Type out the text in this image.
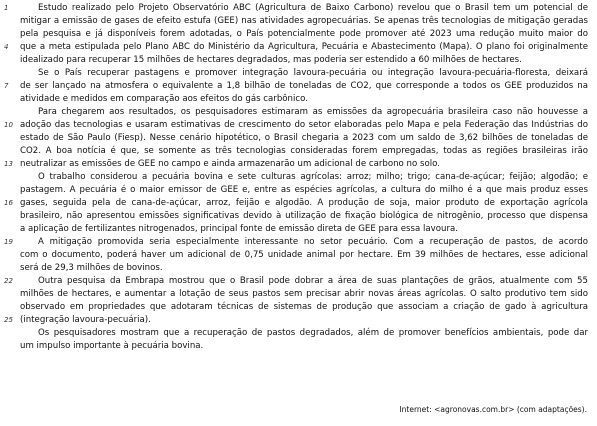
1
4
7
10
13
16
19
22
25
Estudo realizado pelo Projeto Observatório ABC (Agricultura de Baixo Carbono) revelou que o Brasil tem um potencial de
mitigar a emissão de gases de efeito estufa (GEE) nas atividades agropecuárias. Se apenas três tecnologias de mitigação geradas
pela pesquisa e já disponíveis forem adotadas, o País potencialmente pode promover até 2023 uma redução muito maior do
que a meta estipulada pelo Plano ABC do Ministério da Agricultura, Pecuária e Abastecimento (Mapa). O plano foi originalmente
idealizado para recuperar 15 milhões de hectares degradados, mas poderia ser estendido a 60 milhões de hectares.
Se o País recuperar pastagens e promover integração lavoura-pecuária ou integração lavoura-pecuária-floresta, deixará
de ser lançado na atmosfera o equivalente a 1,8 bilhão de toneladas de CO2, que corresponde a todos os GEE produzidos na
atividade e medidos em comparação aos efeitos do gás carbônico.
Para chegarem aos resultados, os pesquisadores estimaram as emissões da agropecuária brasileira caso não houvesse a
adoção das tecnologias e usaram estimativas de crescimento do setor elaboradas pelo Mapa e pela Federação das Indústrias do
estado de São Paulo (Fiesp). Nesse cenário hipotético, o Brasil chegaria a 2023 com um saldo de 3,62 bilhões de toneladas de
CO2. A boa notícia é que, se somente as três tecnologias consideradas forem empregadas, todas as regiões brasileiras irão
neutralizar as emissões de GEE no campo e ainda armazenarão um adicional de carbono no solo.
O trabalho considerou a pecuária bovina e sete culturas agrícolas: arroz; milho; trigo; cana-de-açúcar; feijão; algodão; e
pastagem. A pecuária é o maior emissor de GEE e, entre as espécies agrícolas, a cultura do milho é a que mais produz esses
gases, seguida pela de cana-de-açúcar, arroz, feijão e algodão. A produção de soja, maior produto de exportação agrícola
brasileiro, não apresentou emissões significativas devido à utilização de fixação biológica de nitrogênio, processo que dispensa
a aplicação de fertilizantes nitrogenados, principal fonte de emissão direta de GEE para essa lavoura.
A mitigação promovida seria especialmente interessante no setor pecuário. Com a recuperação de pastos, de acordo
com o documento, poderá haver um adicional de 0,75 unidade animal por hectare. Em 39 milhões de hectares, esse adicional
será de 29,3 milhões de bovinos.
Outra pesquisa da Embrapa mostrou que o Brasil pode dobrar a área de suas plantações de grãos, atualmente com 55
milhões de hectares, e aumentar a lotação de seus pastos sem precisar abrir novas áreas agrícolas. O salto produtivo tem sido
observado em propriedades que adotaram técnicas de sistemas de produção que associam a criação de gado à agricultura
(integração lavoura-pecuária).
Os pesquisadores mostram que a recuperação de pastos degradados, além de promover benefícios ambientais, pode dar
um impulso importante à pecuária bovina.
Internet: <agronovas.com.br> (com adaptações).
